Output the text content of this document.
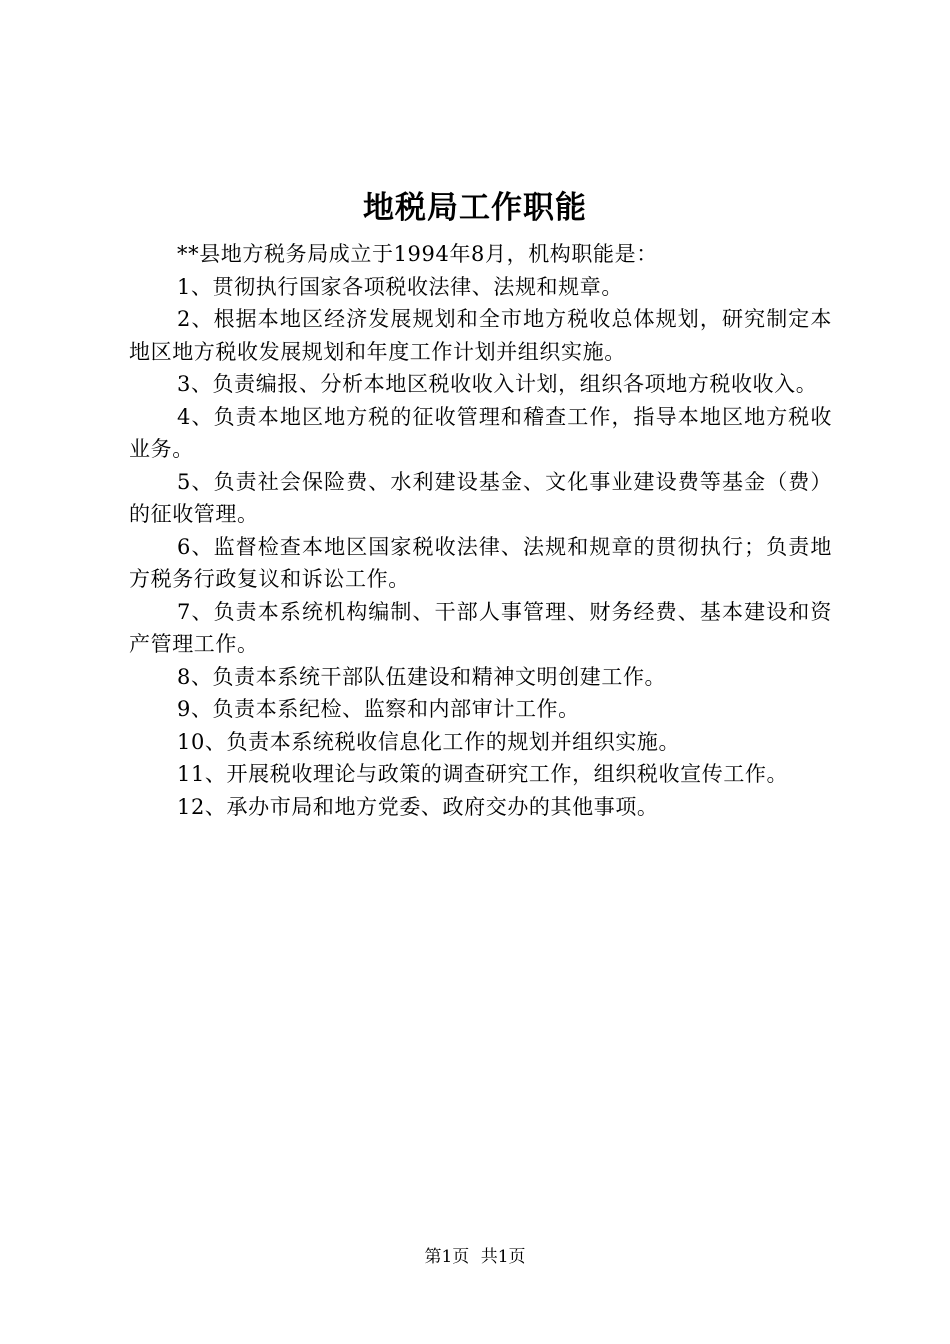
地税局工作职能

**县地方税务局成立于1994年8月，机构职能是：

1、贯彻执行国家各项税收法律、法规和规章。

2、根据本地区经济发展规划和全市地方税收总体规划，研究制定本地区地方税收发展规划和年度工作计划并组织实施。

3、负责编报、分析本地区税收收入计划，组织各项地方税收收入。

4、负责本地区地方税的征收管理和稽查工作，指导本地区地方税收业务。

5、负责社会保险费、水利建设基金、文化事业建设费等基金（费）的征收管理。

6、监督检查本地区国家税收法律、法规和规章的贯彻执行；负责地方税务行政复议和诉讼工作。

7、负责本系统机构编制、干部人事管理、财务经费、基本建设和资产管理工作。

8、负责本系统干部队伍建设和精神文明创建工作。

9、负责本系纪检、监察和内部审计工作。

10、负责本系统税收信息化工作的规划并组织实施。

11、开展税收理论与政策的调查研究工作，组织税收宣传工作。

12、承办市局和地方党委、政府交办的其他事项。

第1页 共1页
